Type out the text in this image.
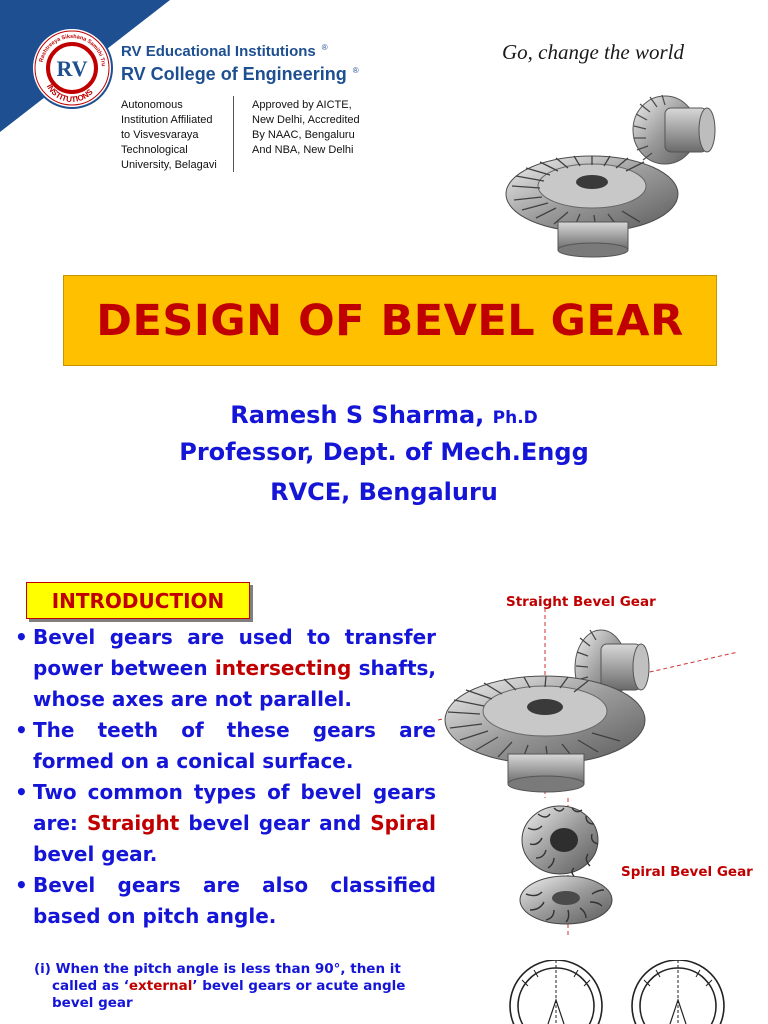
Rashtreeya Sikshana Samithi Tru
INSTITUTIONS
RV
®
RV Educational Institutions ®
RV College of Engineering ®
Autonomous
Institution Affiliated
to Visvesvaraya
Technological
University, Belagavi
Approved by AICTE,
New Delhi, Accredited
By NAAC, Bengaluru
And NBA, New Delhi
Go, change the world
DESIGN OF BEVEL GEAR
Ramesh S Sharma, Ph.D
Professor, Dept. of Mech.Engg
RVCE, Bengaluru
INTRODUCTION
• Bevel gears are used to transfer power between intersecting shafts, whose axes are not parallel.
• The teeth of these gears are formed on a conical surface.
• Two common types of bevel gears are: Straight bevel gear and Spiral bevel gear.
• Bevel gears are also classified based on pitch angle.
(i) When the pitch angle is less than 90°, then it
called as ‘external’ bevel gears or acute angle
bevel gear
Straight Bevel Gear
Spiral Bevel Gear
